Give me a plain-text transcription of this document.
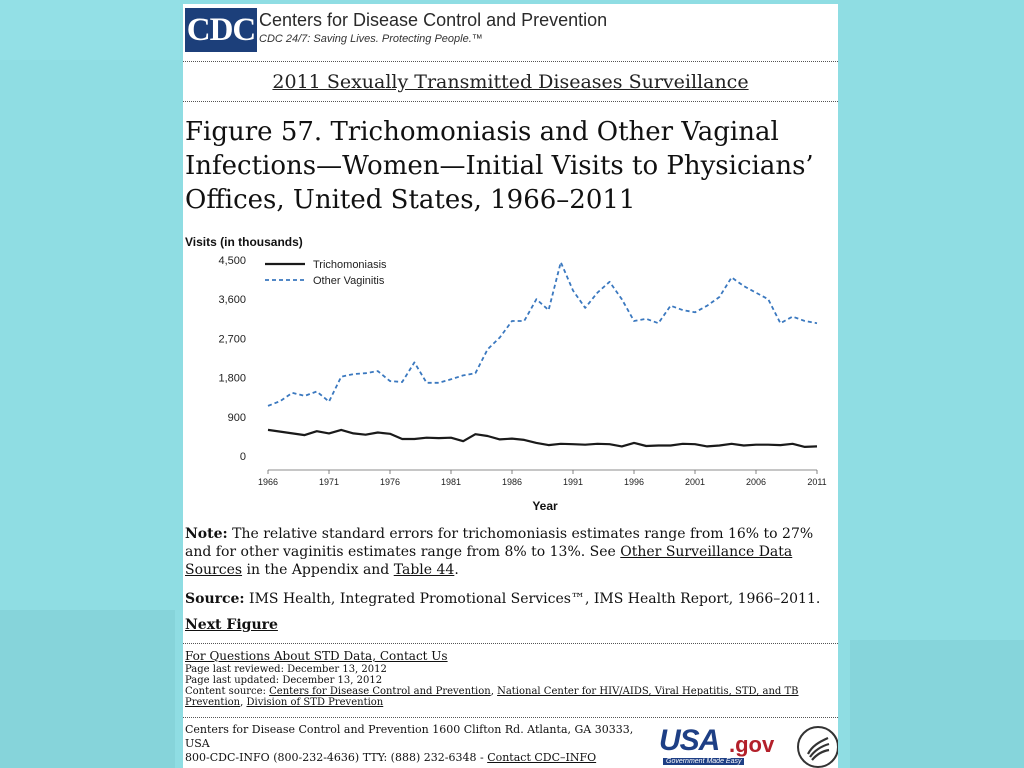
CDC Centers for Disease Control and Prevention
CDC 24/7: Saving Lives. Protecting People.™
2011 Sexually Transmitted Diseases Surveillance
Figure 57. Trichomoniasis and Other Vaginal Infections—Women—Initial Visits to Physicians’ Offices, United States, 1966–2011
Visits (in thousands)
Year
0
900
1,800
2,700
3,600
4,500
1966	1971	1976	1981	1986	1991	1996	2001	2006	2011
Trichomoniasis
Other Vaginitis
Note: The relative standard errors for trichomoniasis estimates range from 16% to 27% and for other vaginitis estimates range from 8% to 13%. See Other Surveillance Data Sources in the Appendix and Table 44.
Source: IMS Health, Integrated Promotional Services™, IMS Health Report, 1966–2011.
Next Figure
For Questions About STD Data, Contact Us
Page last reviewed: December 13, 2012
Page last updated: December 13, 2012
Content source: Centers for Disease Control and Prevention, National Center for HIV/AIDS, Viral Hepatitis, STD, and TB Prevention, Division of STD Prevention
Centers for Disease Control and Prevention 1600 Clifton Rd. Atlanta, GA 30333, USA
800-CDC-INFO (800-232-4636) TTY: (888) 232-6348 - Contact CDC–INFO
USA .gov
Government Made Easy
